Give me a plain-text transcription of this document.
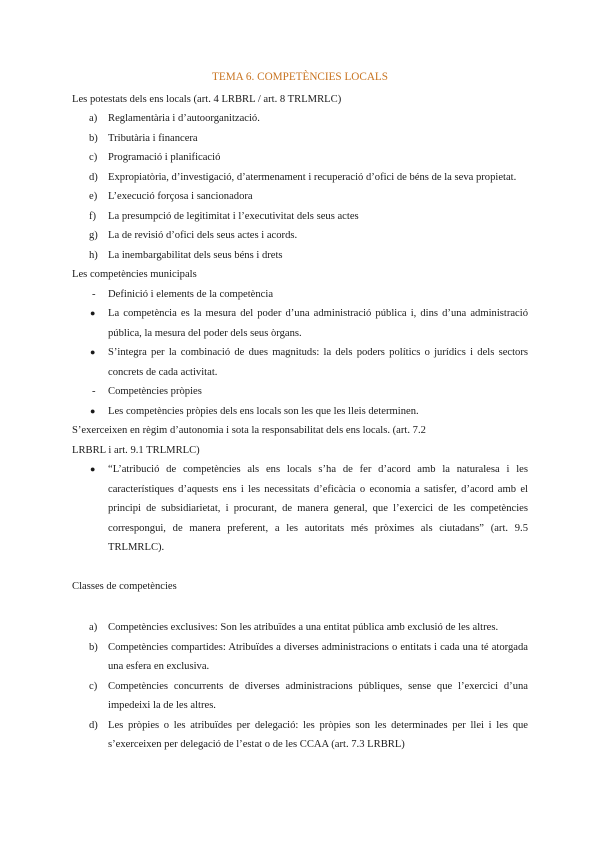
TEMA 6. COMPETÈNCIES LOCALS

Les potestats dels ens locals (art. 4 LRBRL / art. 8 TRLMRLC)

a) Reglamentària i d’autoorganització.
b) Tributària i financera
c) Programació i planificació
d) Expropiatòria, d’investigació, d’atermenament i recuperació d’ofici de béns de la seva propietat.
e) L’execució forçosa i sancionadora
f) La presumpció de legitimitat i l’executivitat dels seus actes
g) La de revisió d’ofici dels seus actes i acords.
h) La inembargabilitat dels seus béns i drets

Les competències municipals

- Definició i elements de la competència
● La competència es la mesura del poder d’una administració pública i, dins d’una administració pública, la mesura del poder dels seus òrgans.
● S’integra per la combinació de dues magnituds: la dels poders polítics o jurídics i dels sectors concrets de cada activitat.
- Competències pròpies
● Les competències pròpies dels ens locals son les que les lleis determinen.

S’exerceixen en règim d’autonomia i sota la responsabilitat dels ens locals. (art. 7.2

LRBRL i art. 9.1 TRLMRLC)

● “L’atribució de competències als ens locals s’ha de fer d’acord amb la naturalesa i les característiques d’aquests ens i les necessitats d’eficàcia o economia a satisfer, d’acord amb el principi de subsidiarietat, i procurant, de manera general, que l’exercici de les competències correspongui, de manera preferent, a les autoritats més pròximes als ciutadans” (art. 9.5 TRLMRLC).

Classes de competències

a) Competències exclusives: Son les atribuïdes a una entitat pública amb exclusió de les altres.
b) Competències compartides: Atribuïdes a diverses administracions o entitats i cada una té atorgada una esfera en exclusiva.
c) Competències concurrents de diverses administracions públiques, sense que l’exercici d’una impedeixi la de les altres.
d) Les pròpies o les atribuïdes per delegació: les pròpies son les determinades per llei i les que s’exerceixen per delegació de l’estat o de les CCAA (art. 7.3 LRBRL)
